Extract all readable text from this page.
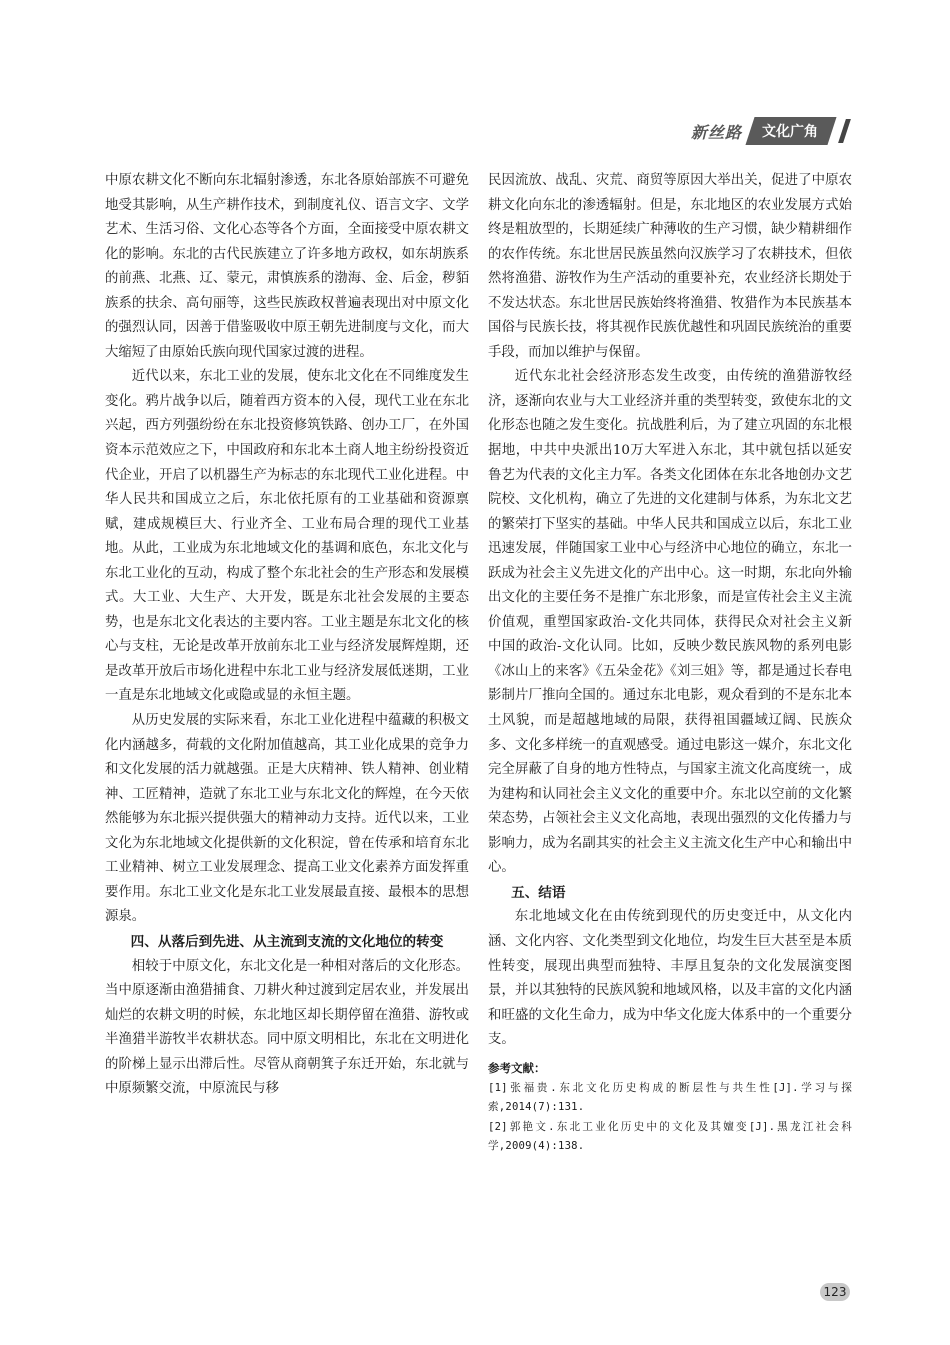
新丝路	文化广角

中原农耕文化不断向东北辐射渗透，东北各原始部族不可避免地受其影响，从生产耕作技术，到制度礼仪、语言文字、文学艺术、生活习俗、文化心态等各个方面，全面接受中原农耕文化的影响。东北的古代民族建立了许多地方政权，如东胡族系的前燕、北燕、辽、蒙元，肃慎族系的渤海、金、后金，秽貊族系的扶余、高句丽等，这些民族政权普遍表现出对中原文化的强烈认同，因善于借鉴吸收中原王朝先进制度与文化，而大大缩短了由原始氏族向现代国家过渡的进程。

近代以来，东北工业的发展，使东北文化在不同维度发生变化。鸦片战争以后，随着西方资本的入侵，现代工业在东北兴起，西方列强纷纷在东北投资修筑铁路、创办工厂，在外国资本示范效应之下，中国政府和东北本土商人地主纷纷投资近代企业，开启了以机器生产为标志的东北现代工业化进程。中华人民共和国成立之后，东北依托原有的工业基础和资源禀赋，建成规模巨大、行业齐全、工业布局合理的现代工业基地。从此，工业成为东北地域文化的基调和底色，东北文化与东北工业化的互动，构成了整个东北社会的生产形态和发展模式。大工业、大生产、大开发，既是东北社会发展的主要态势，也是东北文化表达的主要内容。工业主题是东北文化的核心与支柱，无论是改革开放前东北工业与经济发展辉煌期，还是改革开放后市场化进程中东北工业与经济发展低迷期，工业一直是东北地域文化或隐或显的永恒主题。

从历史发展的实际来看，东北工业化进程中蕴藏的积极文化内涵越多，荷载的文化附加值越高，其工业化成果的竞争力和文化发展的活力就越强。正是大庆精神、铁人精神、创业精神、工匠精神，造就了东北工业与东北文化的辉煌，在今天依然能够为东北振兴提供强大的精神动力支持。近代以来，工业文化为东北地域文化提供新的文化积淀，曾在传承和培育东北工业精神、树立工业发展理念、提高工业文化素养方面发挥重要作用。东北工业文化是东北工业发展最直接、最根本的思想源泉。

四、从落后到先进、从主流到支流的文化地位的转变

相较于中原文化，东北文化是一种相对落后的文化形态。当中原逐渐由渔猎捕食、刀耕火种过渡到定居农业，并发展出灿烂的农耕文明的时候，东北地区却长期停留在渔猎、游牧或半渔猎半游牧半农耕状态。同中原文明相比，东北在文明进化的阶梯上显示出滞后性。尽管从商朝箕子东迁开始，东北就与中原频繁交流，中原流民与移

民因流放、战乱、灾荒、商贸等原因大举出关，促进了中原农耕文化向东北的渗透辐射。但是，东北地区的农业发展方式始终是粗放型的，长期延续广种薄收的生产习惯，缺少精耕细作的农作传统。东北世居民族虽然向汉族学习了农耕技术，但依然将渔猎、游牧作为生产活动的重要补充，农业经济长期处于不发达状态。东北世居民族始终将渔猎、牧猎作为本民族基本国俗与民族长技，将其视作民族优越性和巩固民族统治的重要手段，而加以维护与保留。

近代东北社会经济形态发生改变，由传统的渔猎游牧经济，逐渐向农业与大工业经济并重的类型转变，致使东北的文化形态也随之发生变化。抗战胜利后，为了建立巩固的东北根据地，中共中央派出10万大军进入东北，其中就包括以延安鲁艺为代表的文化主力军。各类文化团体在东北各地创办文艺院校、文化机构，确立了先进的文化建制与体系，为东北文艺的繁荣打下坚实的基础。中华人民共和国成立以后，东北工业迅速发展，伴随国家工业中心与经济中心地位的确立，东北一跃成为社会主义先进文化的产出中心。这一时期，东北向外输出文化的主要任务不是推广东北形象，而是宣传社会主义主流价值观，重塑国家政治-文化共同体，获得民众对社会主义新中国的政治-文化认同。比如，反映少数民族风物的系列电影《冰山上的来客》《五朵金花》《刘三姐》等，都是通过长春电影制片厂推向全国的。通过东北电影，观众看到的不是东北本土风貌，而是超越地域的局限，获得祖国疆域辽阔、民族众多、文化多样统一的直观感受。通过电影这一媒介，东北文化完全屏蔽了自身的地方性特点，与国家主流文化高度统一，成为建构和认同社会主义文化的重要中介。东北以空前的文化繁荣态势，占领社会主义文化高地，表现出强烈的文化传播力与影响力，成为名副其实的社会主义主流文化生产中心和输出中心。

五、结语

东北地域文化在由传统到现代的历史变迁中，从文化内涵、文化内容、文化类型到文化地位，均发生巨大甚至是本质性转变，展现出典型而独特、丰厚且复杂的文化发展演变图景，并以其独特的民族风貌和地域风格，以及丰富的文化内涵和旺盛的文化生命力，成为中华文化庞大体系中的一个重要分支。

参考文献：

[1]张福贵.东北文化历史构成的断层性与共生性[J].学习与探索,2014(7):131.

[2]郭艳文.东北工业化历史中的文化及其嬗变[J].黑龙江社会科学,2009(4):138.

123
